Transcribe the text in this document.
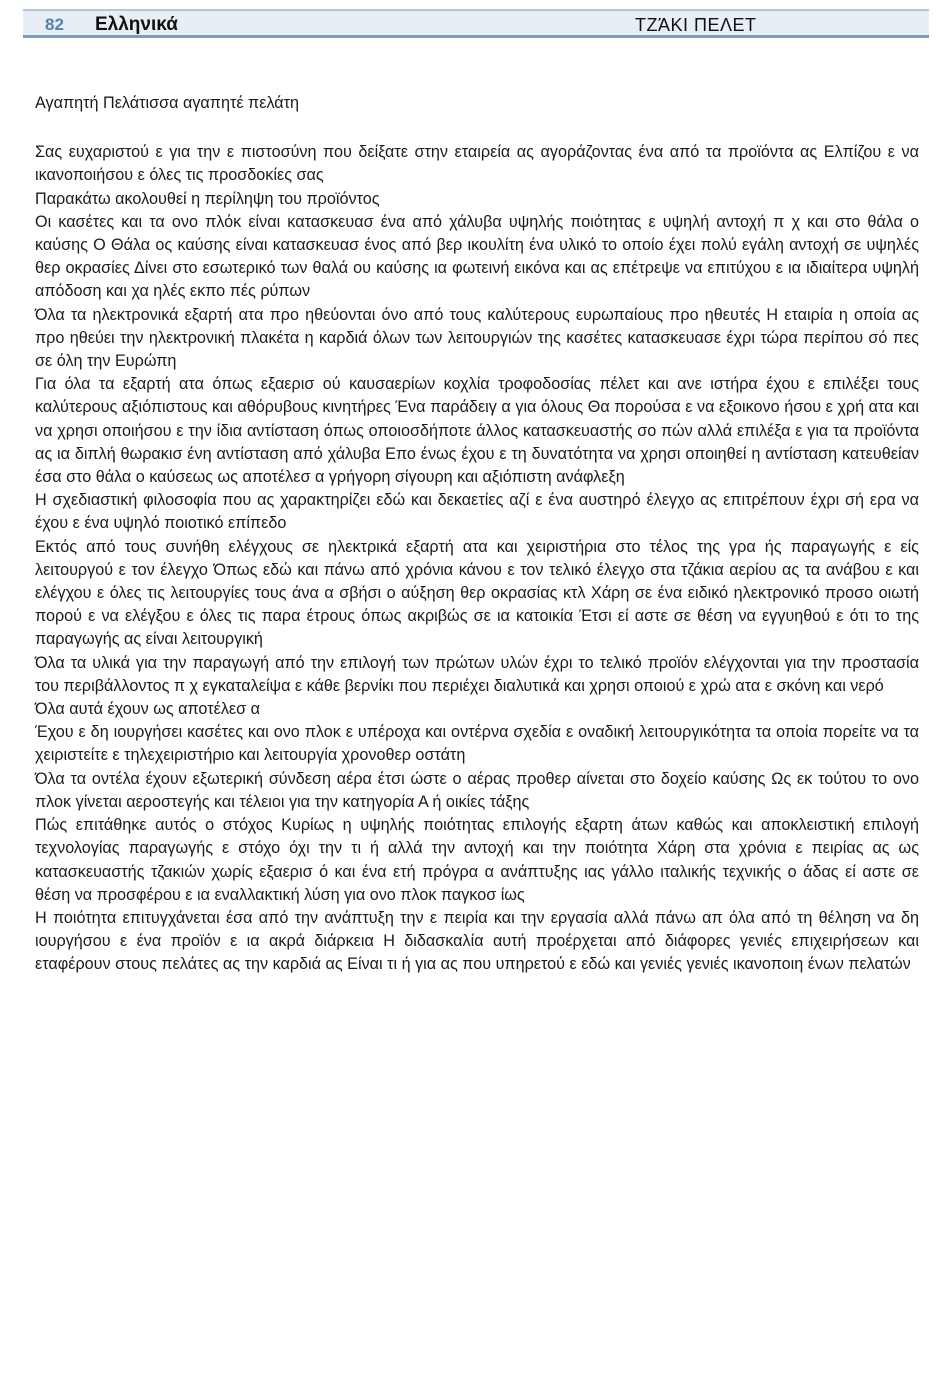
82 Ελληνικά	ΤΖΆΚΙ ΠΕΛΕΤ

Αγαπητή Πελάτισσα αγαπητέ πελάτη

Σας ευχαριστού ε για την ε πιστοσύνη που δείξατε στην εταιρεία ας αγοράζοντας ένα από τα προϊόντα ας Ελπίζου ε να ικανοποιήσου ε όλες τις προσδοκίες σας

Παρακάτω ακολουθεί η περίληψη του προϊόντος

Οι κασέτες και τα ονο πλόκ είναι κατασκευασ ένα από χάλυβα υψηλής ποιότητας ε υψηλή αντοχή π χ και στο θάλα ο καύσης Ο Θάλα ος καύσης είναι κατασκευασ ένος από βερ ικουλίτη ένα υλικό το οποίο έχει πολύ εγάλη αντοχή σε υψηλές θερ οκρασίες Δίνει στο εσωτερικό των θαλά ου καύσης ια φωτεινή εικόνα και ας επέτρεψε να επιτύχου ε ια ιδιαίτερα υψηλή απόδοση και χα ηλές εκπο πές ρύπων

Όλα τα ηλεκτρονικά εξαρτή ατα προ ηθεύονται όνο από τους καλύτερους ευρωπαίους προ ηθευτές Η εταιρία η οποία ας προ ηθεύει την ηλεκτρονική πλακέτα η καρδιά όλων των λειτουργιών της κασέτες κατασκευασε έχρι τώρα περίπου σό πες σε όλη την Ευρώπη

Για όλα τα εξαρτή ατα όπως εξαερισ ού καυσαερίων κοχλία τροφοδοσίας πέλετ και ανε ιστήρα έχου ε επιλέξει τους καλύτερους αξιόπιστους και αθόρυβους κινητήρες Ένα παράδειγ α για όλους Θα πορούσα ε να εξοικονο ήσου ε χρή ατα και να χρησι οποιήσου ε την ίδια αντίσταση όπως οποιοσδήποτε άλλος κατασκευαστής σο πών αλλά επιλέξα ε για τα προϊόντα ας ια διπλή θωρακισ ένη αντίσταση από χάλυβα Επο ένως έχου ε τη δυνατότητα να χρησι οποιηθεί η αντίσταση κατευθείαν έσα στο θάλα ο καύσεως ως αποτέλεσ α γρήγορη σίγουρη και αξιόπιστη ανάφλεξη

Η σχεδιαστική φιλοσοφία που ας χαρακτηρίζει εδώ και δεκαετίες αζί ε ένα αυστηρό έλεγχο ας επιτρέπουν έχρι σή ερα να έχου ε ένα υψηλό ποιοτικό επίπεδο

Εκτός από τους συνήθη ελέγχους σε ηλεκτρικά εξαρτή ατα και χειριστήρια στο τέλος της γρα ής παραγωγής ε είς λειτουργού ε τον έλεγχο Όπως εδώ και πάνω από χρόνια κάνου ε τον τελικό έλεγχο στα τζάκια αερίου ας τα ανάβου ε και ελέγχου ε όλες τις λειτουργίες τους άνα α σβήσι ο αύξηση θερ οκρασίας κτλ Χάρη σε ένα ειδικό ηλεκτρονικό προσο οιωτή πορού ε να ελέγξου ε όλες τις παρα έτρους όπως ακριβώς σε ια κατοικία Έτσι εί αστε σε θέση να εγγυηθού ε ότι το της παραγωγής ας είναι λειτουργική

Όλα τα υλικά για την παραγωγή από την επιλογή των πρώτων υλών έχρι το τελικό προϊόν ελέγχονται για την προστασία του περιβάλλοντος π χ εγκαταλείψα ε κάθε βερνίκι που περιέχει διαλυτικά και χρησι οποιού ε χρώ ατα ε σκόνη και νερό

Όλα αυτά έχουν ως αποτέλεσ α

Έχου ε δη ιουργήσει κασέτες και ονο πλοκ ε υπέροχα και οντέρνα σχεδία ε οναδική λειτουργικότητα τα οποία πορείτε να τα χειριστείτε ε τηλεχειριστήριο και λειτουργία χρονοθερ οστάτη

Όλα τα οντέλα έχουν εξωτερική σύνδεση αέρα έτσι ώστε ο αέρας προθερ αίνεται στο δοχείο καύσης Ως εκ τούτου το ονο πλοκ γίνεται αεροστεγής και τέλειοι για την κατηγορία Α ή οικίες τάξης

Πώς επιτάθηκε αυτός ο στόχος Κυρίως η υψηλής ποιότητας επιλογής εξαρτη άτων καθώς και αποκλειστική επιλογή τεχνολογίας παραγωγής ε στόχο όχι την τι ή αλλά την αντοχή και την ποιότητα Χάρη στα χρόνια ε πειρίας ας ως κατασκευαστής τζακιών χωρίς εξαερισ ό και ένα ετή πρόγρα α ανάπτυξης ιας γάλλο ιταλικής τεχνικής ο άδας εί αστε σε θέση να προσφέρου ε ια εναλλακτική λύση για ονο πλοκ παγκοσ ίως

Η ποιότητα επιτυγχάνεται έσα από την ανάπτυξη την ε πειρία και την εργασία αλλά πάνω απ όλα από τη θέληση να δη ιουργήσου ε ένα προϊόν ε ια ακρά διάρκεια Η διδασκαλία αυτή προέρχεται από διάφορες γενιές επιχειρήσεων και εταφέρουν στους πελάτες ας την καρδιά ας Είναι τι ή για ας που υπηρετού ε εδώ και γενιές γενιές ικανοποιη ένων πελατών
